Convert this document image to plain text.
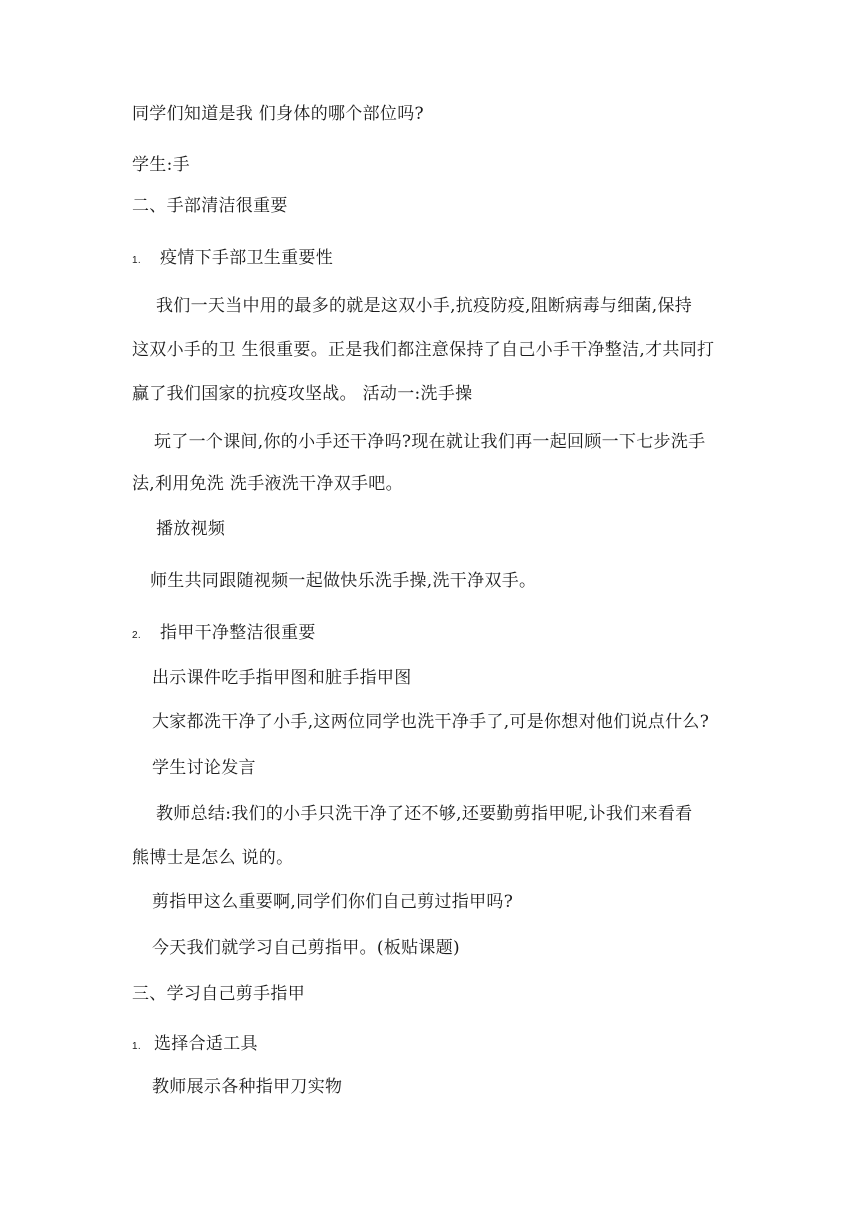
同学们知道是我 们身体的哪个部位吗?
学生:手
二、手部清洁很重要
1. 疫情下手部卫生重要性
我们一天当中用的最多的就是这双小手,抗疫防疫,阻断病毒与细菌,保持
这双小手的卫 生很重要。正是我们都注意保持了自己小手干净整洁,才共同打
赢了我们国家的抗疫攻坚战。 活动一:洗手操
玩了一个课间,你的小手还干净吗?现在就让我们再一起回顾一下七步洗手
法,利用免洗 洗手液洗干净双手吧。
播放视频
师生共同跟随视频一起做快乐洗手操,洗干净双手。
2. 指甲干净整洁很重要
出示课件吃手指甲图和脏手指甲图
大家都洗干净了小手,这两位同学也洗干净手了,可是你想对他们说点什么?
学生讨论发言
教师总结:我们的小手只洗干净了还不够,还要勤剪指甲呢,讣我们来看看
熊博士是怎么 说的。
剪指甲这么重要啊,同学们你们自己剪过指甲吗?
今天我们就学习自己剪指甲。(板贴课题)
三、学习自己剪手指甲
1. 选择合适工具
教师展示各种指甲刀实物
